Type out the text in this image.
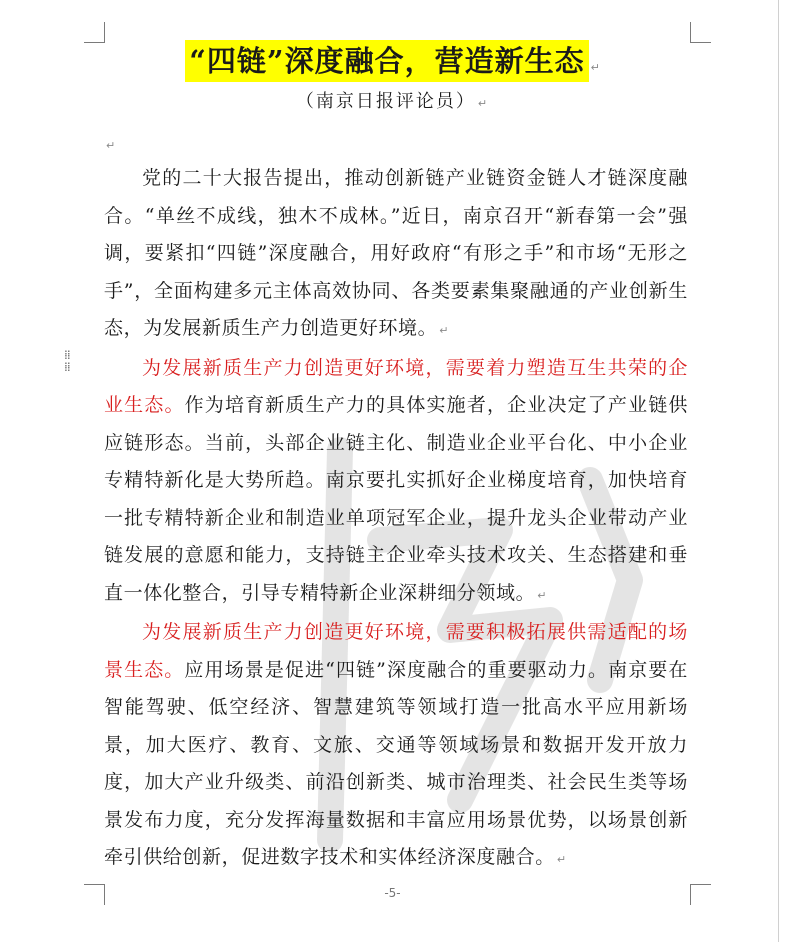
“四链”深度融合，营造新生态 ↵
（南京日报评论员） ↵
↵
⁞⁞
⁞⁞

党的二十大报告提出，推动创新链产业链资金链人才链深度融合。“单丝不成线，独木不成林。”近日，南京召开“新春第一会”强调，要紧扣“四链”深度融合，用好政府“有形之手”和市场“无形之手”，全面构建多元主体高效协同、各类要素集聚融通的产业创新生态，为发展新质生产力创造更好环境。 ↵

为发展新质生产力创造更好环境，需要着力塑造互生共荣的企业生态。作为培育新质生产力的具体实施者，企业决定了产业链供应链形态。当前，头部企业链主化、制造业企业平台化、中小企业专精特新化是大势所趋。南京要扎实抓好企业梯度培育，加快培育一批专精特新企业和制造业单项冠军企业，提升龙头企业带动产业链发展的意愿和能力，支持链主企业牵头技术攻关、生态搭建和垂直一体化整合，引导专精特新企业深耕细分领域。 ↵

为发展新质生产力创造更好环境，需要积极拓展供需适配的场景生态。应用场景是促进“四链”深度融合的重要驱动力。南京要在智能驾驶、低空经济、智慧建筑等领域打造一批高水平应用新场景，加大医疗、教育、文旅、交通等领域场景和数据开发开放力度，加大产业升级类、前沿创新类、城市治理类、社会民生类等场景发布力度，充分发挥海量数据和丰富应用场景优势，以场景创新牵引供给创新，促进数字技术和实体经济深度融合。 ↵

-5-
